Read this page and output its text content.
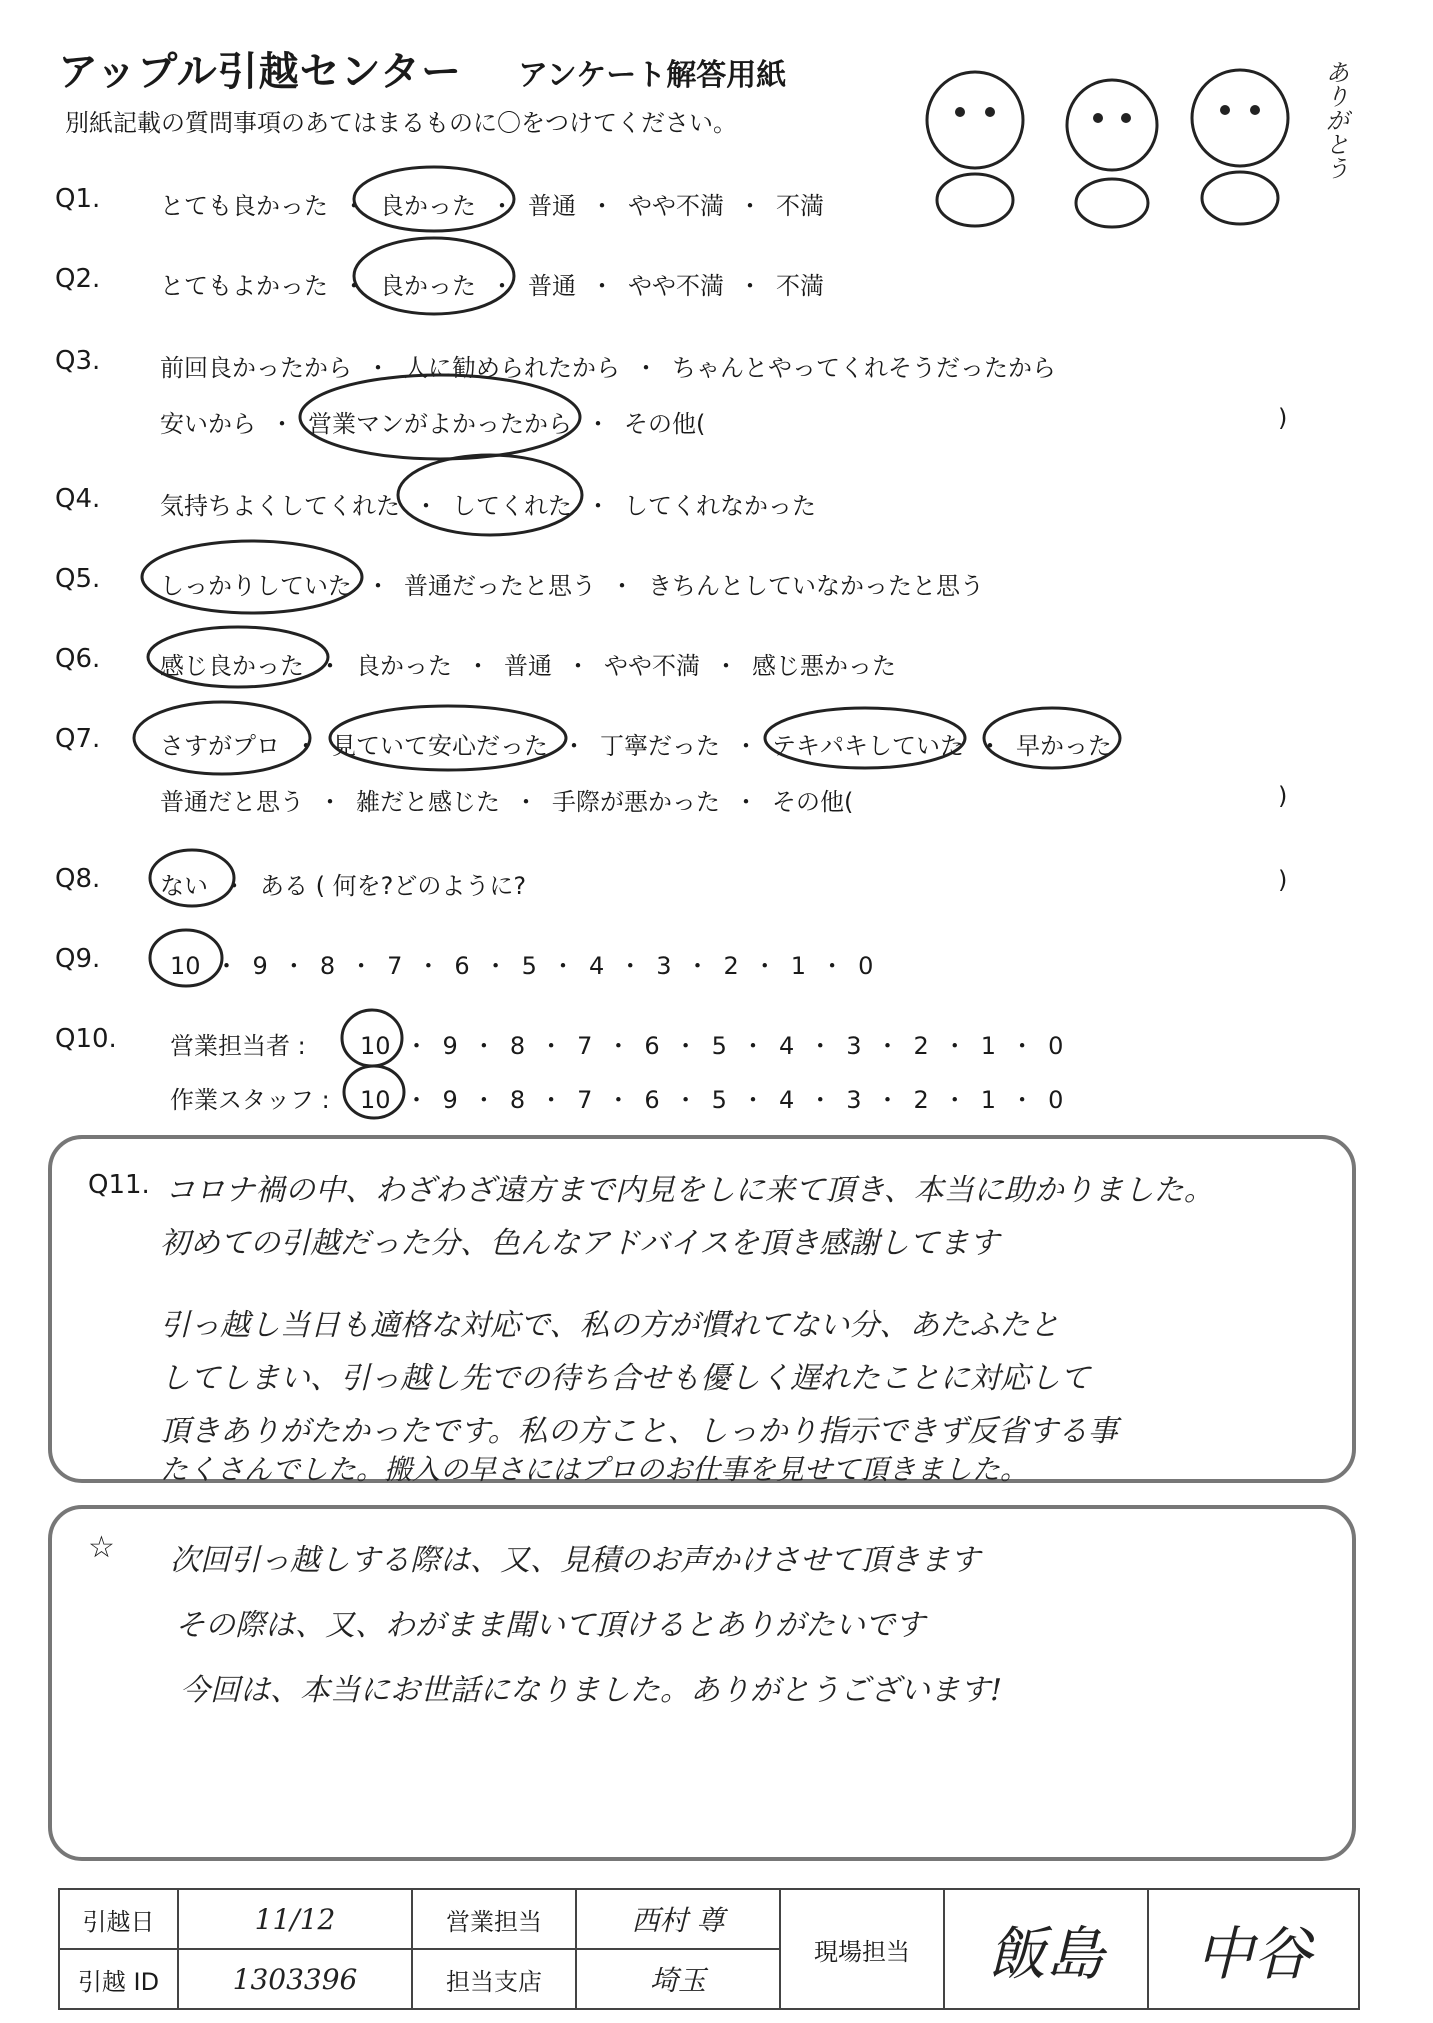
アップル引越センター アンケート解答用紙
別紙記載の質問事項のあてはまるものに〇をつけてください。	ありがとう
Q1. とても良かった ・ 良かった ・ 普通 ・ やや不満 ・ 不満
Q2. とてもよかった ・ 良かった ・ 普通 ・ やや不満 ・ 不満
Q3. 前回良かったから ・ 人に勧められたから ・ ちゃんとやってくれそうだったから
安いから ・ 営業マンがよかったから ・ その他(	)
Q4. 気持ちよくしてくれた ・ してくれた ・ してくれなかった
Q5. しっかりしていた ・ 普通だったと思う ・ きちんとしていなかったと思う
Q6. 感じ良かった ・ 良かった ・ 普通 ・ やや不満 ・ 感じ悪かった
Q7. さすがプロ ・ 見ていて安心だった ・ 丁寧だった ・ テキパキしていた ・ 早かった
普通だと思う ・ 雑だと感じた ・ 手際が悪かった ・ その他(	)
Q8. ない ・ ある ( 何を?どのように?	)
Q9.	10 ・ 9 ・ 8 ・ 7 ・ 6 ・ 5 ・ 4 ・ 3 ・ 2 ・ 1 ・ 0
Q10. 営業担当者 : 10 ・ 9 ・ 8 ・ 7 ・ 6 ・ 5 ・ 4 ・ 3 ・ 2 ・ 1 ・ 0
作業スタッフ : 10 ・ 9 ・ 8 ・ 7 ・ 6 ・ 5 ・ 4 ・ 3 ・ 2 ・ 1 ・ 0
Q11. コロナ禍の中、わざわざ遠方まで内見をしに来て頂き、本当に助かりました。
初めての引越だった分、色んなアドバイスを頂き感謝してます
引っ越し当日も適格な対応で、私の方が慣れてない分、あたふたと
してしまい、引っ越し先での待ち合せも優しく遅れたことに対応して
頂きありがたかったです。私の方こと、しっかり指示できず反省する事
たくさんでした。搬入の早さにはプロのお仕事を見せて頂きました。
☆ 次回引っ越しする際は、又、見積のお声かけさせて頂きます
その際は、又、わがまま聞いて頂けるとありがたいです
今回は、本当にお世話になりました。ありがとうございます!
引越日	11/12	営業担当	西村 尊	現場担当	飯島	中谷
引越 ID	1303396	担当支店	埼玉			
